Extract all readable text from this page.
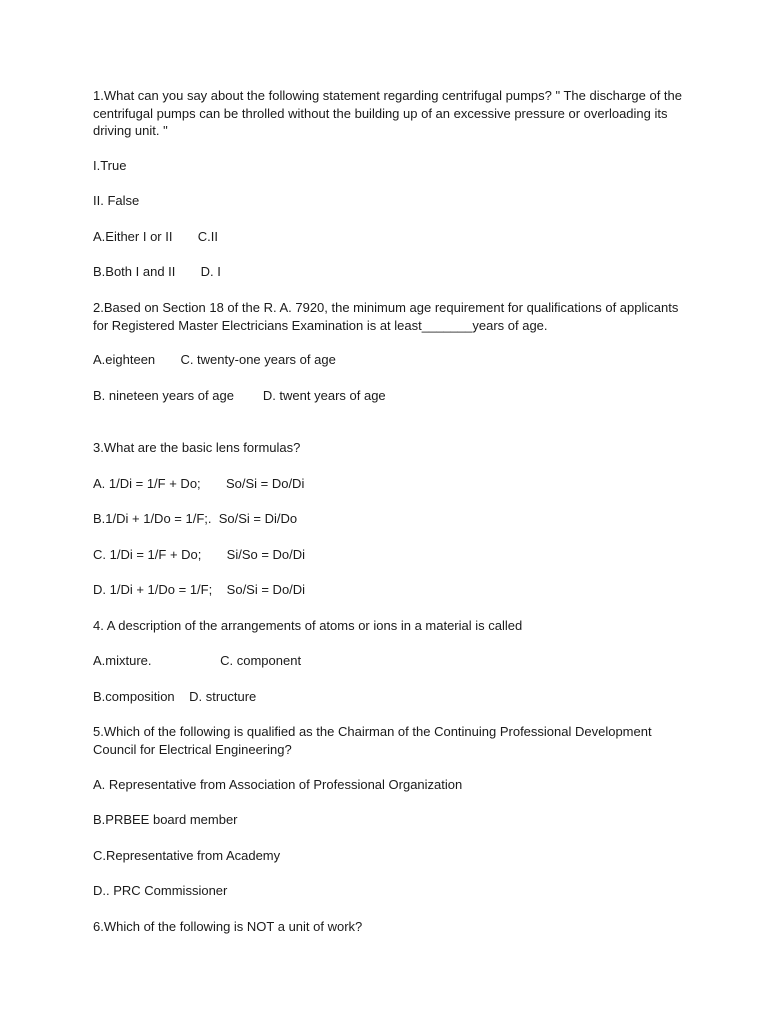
1.What can you say about the following statement regarding centrifugal pumps? " The discharge of the centrifugal pumps can be throlled without the building up of an excessive pressure or overloading its driving unit. "

I.True

II. False

A.Either I or II       C.II

B.Both I and II       D. I

2.Based on Section 18 of the R. A. 7920, the minimum age requirement for qualifications of applicants for Registered Master Electricians Examination is at least_______years of age.

A.eighteen       C. twenty-one years of age

B. nineteen years of age        D. twent years of age

3.What are the basic lens formulas?

A. 1/Di = 1/F + Do;       So/Si = Do/Di

B.1/Di + 1/Do = 1/F;.  So/Si = Di/Do

C. 1/Di = 1/F + Do;       Si/So = Do/Di

D. 1/Di + 1/Do = 1/F;    So/Si = Do/Di

4. A description of the arrangements of atoms or ions in a material is called

A.mixture.                   C. component

B.composition    D. structure

5.Which of the following is qualified as the Chairman of the Continuing Professional Development Council for Electrical Engineering?

A. Representative from Association of Professional Organization

B.PRBEE board member

C.Representative from Academy

D.. PRC Commissioner

6.Which of the following is NOT a unit of work?
